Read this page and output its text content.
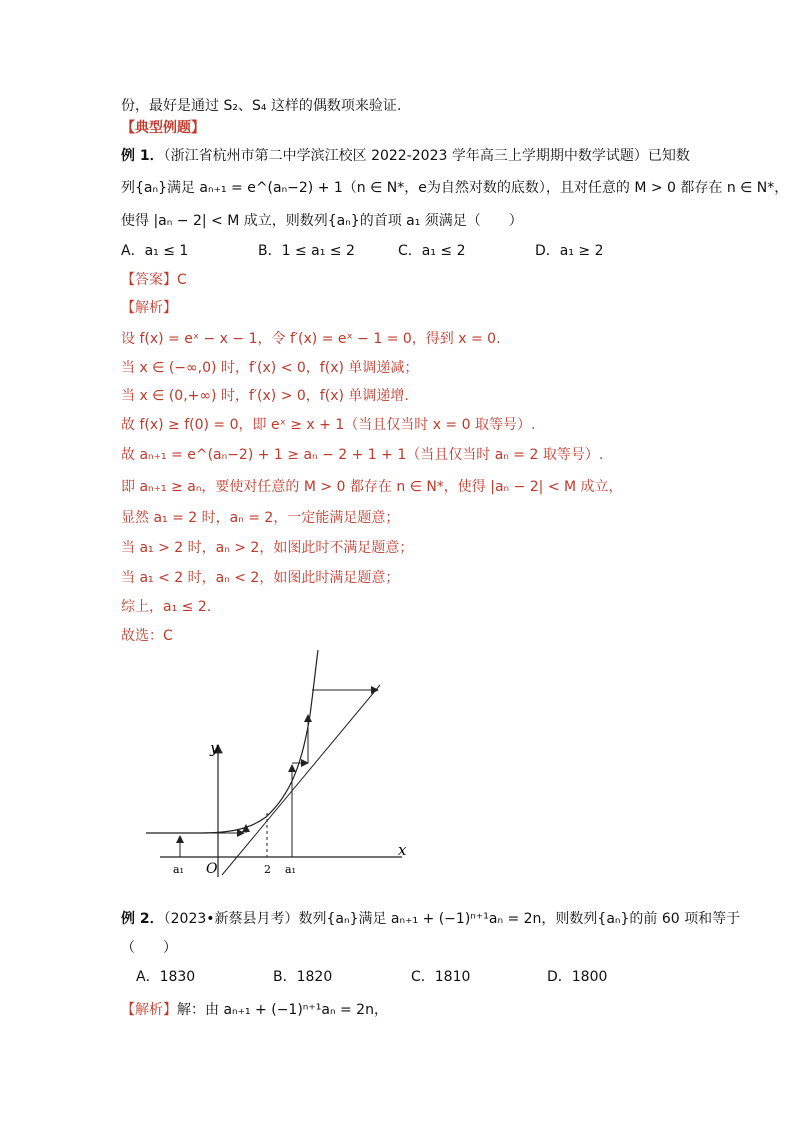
份，最好是通过 S₂、S₄ 这样的偶数项来验证.
【典型例题】
例 1．（浙江省杭州市第二中学滨江校区 2022-2023 学年高三上学期期中数学试题）已知数
列{aₙ}满足 aₙ₊₁ = e^(aₙ−2) + 1（n ∈ N*，e为自然对数的底数），且对任意的 M > 0 都存在 n ∈ N*，
使得 |aₙ − 2| < M 成立，则数列{aₙ}的首项 a₁ 须满足（　　）
A．a₁ ≤ 1	B．1 ≤ a₁ ≤ 2	C．a₁ ≤ 2	D．a₁ ≥ 2
【答案】C
【解析】
设 f(x) = eˣ − x − 1，令 f′(x) = eˣ − 1 = 0，得到 x = 0.
当 x ∈ (−∞,0) 时，f′(x) < 0，f(x) 单调递减；
当 x ∈ (0,+∞) 时，f′(x) > 0，f(x) 单调递增.
故 f(x) ≥ f(0) = 0，即 eˣ ≥ x + 1（当且仅当时 x = 0 取等号）.
故 aₙ₊₁ = e^(aₙ−2) + 1 ≥ aₙ − 2 + 1 + 1（当且仅当时 aₙ = 2 取等号）.
即 aₙ₊₁ ≥ aₙ，要使对任意的 M > 0 都存在 n ∈ N*，使得 |aₙ − 2| < M 成立，
显然 a₁ = 2 时，aₙ = 2，一定能满足题意；
当 a₁ > 2 时，aₙ > 2，如图此时不满足题意；
当 a₁ < 2 时，aₙ < 2，如图此时满足题意；
综上，a₁ ≤ 2.
故选：C
y
x
O
a₁	2 a₁
例 2．（2023•新蔡县月考）数列{aₙ}满足 aₙ₊₁ + (−1)ⁿ⁺¹aₙ = 2n，则数列{aₙ}的前 60 项和等于
（　　）
A．1830	B．1820	C．1810	D．1800
【解析】解：由 aₙ₊₁ + (−1)ⁿ⁺¹aₙ = 2n，
